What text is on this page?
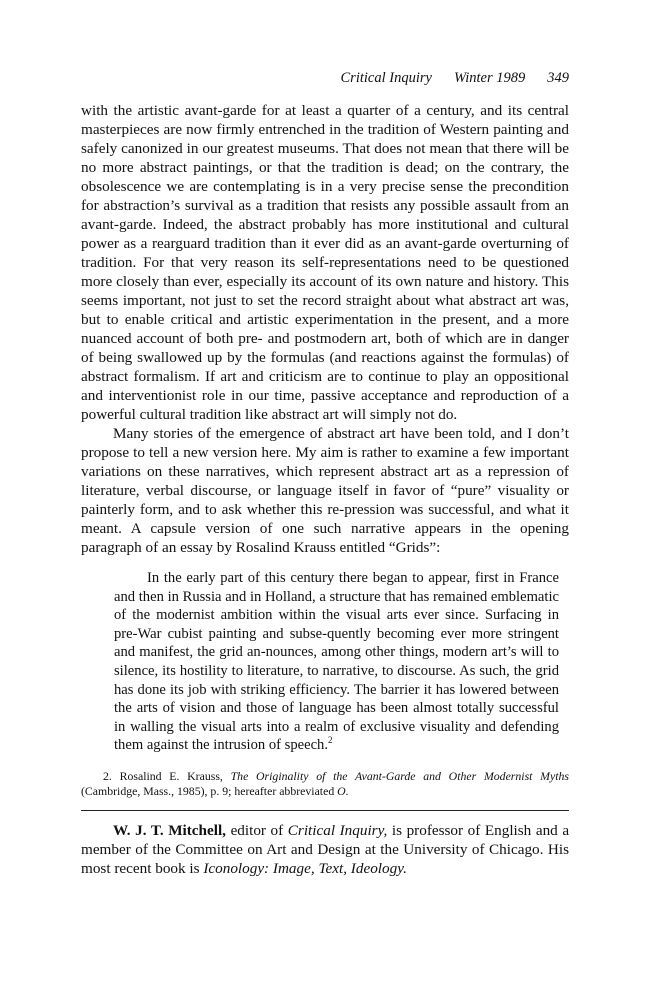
Critical Inquiry Winter 1989 349

with the artistic avant-garde for at least a quarter of a century, and its central masterpieces are now firmly entrenched in the tradition of Western painting and safely canonized in our greatest museums. That does not mean that there will be no more abstract paintings, or that the tradition is dead; on the contrary, the obsolescence we are contemplating is in a very precise sense the precondition for abstraction’s survival as a tradition that resists any possible assault from an avant-garde. Indeed, the abstract probably has more institutional and cultural power as a rearguard tradition than it ever did as an avant-garde overturning of tradition. For that very reason its self-representations need to be questioned more closely than ever, especially its account of its own nature and history. This seems important, not just to set the record straight about what abstract art was, but to enable critical and artistic experimentation in the present, and a more nuanced account of both pre- and postmodern art, both of which are in danger of being swallowed up by the formulas (and reactions against the formulas) of abstract formalism. If art and criticism are to continue to play an oppositional and interventionist role in our time, passive acceptance and reproduction of a powerful cultural tradition like abstract art will simply not do.

Many stories of the emergence of abstract art have been told, and I don’t propose to tell a new version here. My aim is rather to examine a few important variations on these narratives, which represent abstract art as a repression of literature, verbal discourse, or language itself in favor of “pure” visuality or painterly form, and to ask whether this re-pression was successful, and what it meant. A capsule version of one such narrative appears in the opening paragraph of an essay by Rosalind Krauss entitled “Grids”:

In the early part of this century there began to appear, first in France and then in Russia and in Holland, a structure that has remained emblematic of the modernist ambition within the visual arts ever since. Surfacing in pre-War cubist painting and subse-quently becoming ever more stringent and manifest, the grid an-nounces, among other things, modern art’s will to silence, its hostility to literature, to narrative, to discourse. As such, the grid has done its job with striking efficiency. The barrier it has lowered between the arts of vision and those of language has been almost totally successful in walling the visual arts into a realm of exclusive visuality and defending them against the intrusion of speech.$^2$

2. Rosalind E. Krauss, The Originality of the Avant-Garde and Other Modernist Myths (Cambridge, Mass., 1985), p. 9; hereafter abbreviated O.

W. J. T. Mitchell, editor of Critical Inquiry, is professor of English and a member of the Committee on Art and Design at the University of Chicago. His most recent book is Iconology: Image, Text, Ideology.
